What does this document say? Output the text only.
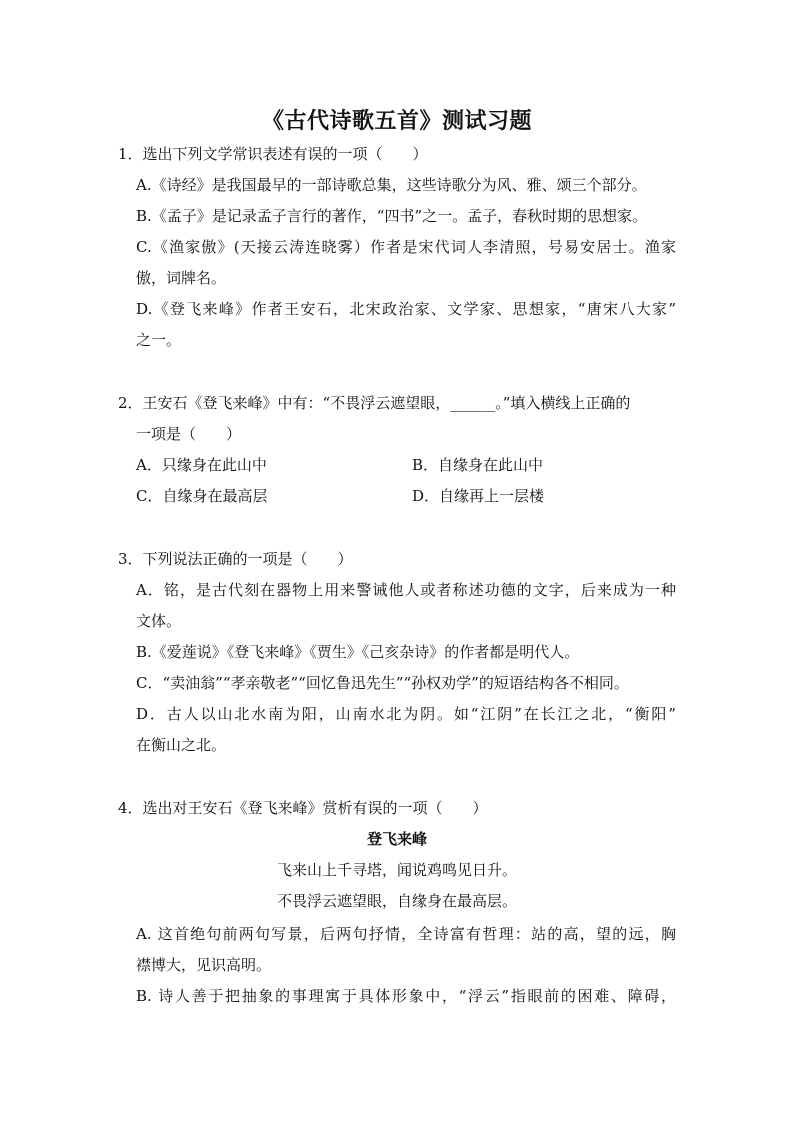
《古代诗歌五首》测试习题
1．选出下列文学常识表述有误的一项（　　）
A.《诗经》是我国最早的一部诗歌总集，这些诗歌分为风、雅、颂三个部分。
B.《孟子》是记录孟子言行的著作，“四书”之一。孟子，春秋时期的思想家。
C.《渔家傲》(天接云涛连晓雾）作者是宋代词人李清照，号易安居士。渔家
傲，词牌名。
D.《登飞来峰》作者王安石，北宋政治家、文学家、思想家，“唐宋八大家”
之一。
2．王安石《登飞来峰》中有：“不畏浮云遮望眼，______。”填入横线上正确的
一项是（　　）
A．只缘身在此山中	B．自缘身在此山中
C．自缘身在最高层	D．自缘再上一层楼
3．下列说法正确的一项是（　　）
A．铭，是古代刻在器物上用来警诫他人或者称述功德的文字，后来成为一种
文体。
B.《爱莲说》《登飞来峰》《贾生》《己亥杂诗》的作者都是明代人。
C．“卖油翁”“孝亲敬老”“回忆鲁迅先生”“孙权劝学”的短语结构各不相同。
D．古人以山北水南为阳，山南水北为阴。如“江阴”在长江之北，“衡阳”
在衡山之北。
4．选出对王安石《登飞来峰》赏析有误的一项（　　）
登飞来峰
飞来山上千寻塔，闻说鸡鸣见日升。
不畏浮云遮望眼，自缘身在最高层。
A. 这首绝句前两句写景，后两句抒情，全诗富有哲理：站的高，望的远，胸
襟博大，见识高明。
B. 诗人善于把抽象的事理寓于具体形象中，“浮云”指眼前的困难、障碍，
